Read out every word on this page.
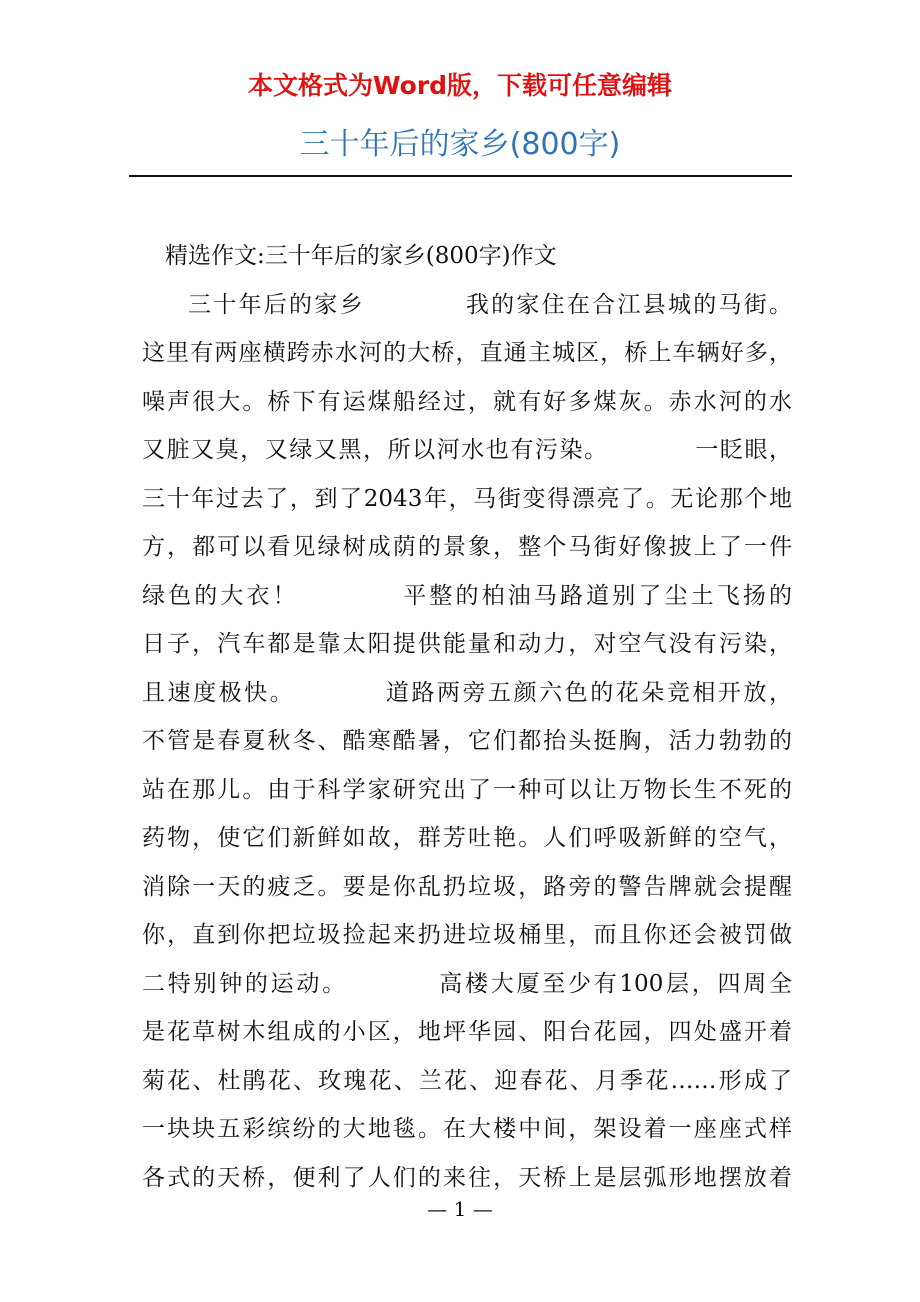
本文格式为Word版，下载可任意编辑
三十年后的家乡(800字)
精选作文:三十年后的家乡(800字)作文
三十年后的家乡　　　　我的家住在合江县城的马街。
这里有两座横跨赤水河的大桥，直通主城区，桥上车辆好多，
噪声很大。桥下有运煤船经过，就有好多煤灰。赤水河的水
又脏又臭，又绿又黑，所以河水也有污染。　　　　一眨眼，
三十年过去了，到了2043年，马街变得漂亮了。无论那个地
方，都可以看见绿树成荫的景象，整个马街好像披上了一件
绿色的大衣！　　　　平整的柏油马路道别了尘土飞扬的
日子，汽车都是靠太阳提供能量和动力，对空气没有污染，
且速度极快。　　　　道路两旁五颜六色的花朵竞相开放，
不管是春夏秋冬、酷寒酷暑，它们都抬头挺胸，活力勃勃的
站在那儿。由于科学家研究出了一种可以让万物长生不死的
药物，使它们新鲜如故，群芳吐艳。人们呼吸新鲜的空气，
消除一天的疲乏。要是你乱扔垃圾，路旁的警告牌就会提醒
你，直到你把垃圾捡起来扔进垃圾桶里，而且你还会被罚做
二特别钟的运动。　　　　高楼大厦至少有100层，四周全
是花草树木组成的小区，地坪华园、阳台花园，四处盛开着
菊花、杜鹃花、玫瑰花、兰花、迎春花、月季花……形成了
一块块五彩缤纷的大地毯。在大楼中间，架设着一座座式样
各式的天桥，便利了人们的来往，天桥上是层弧形地摆放着
— 1 —
